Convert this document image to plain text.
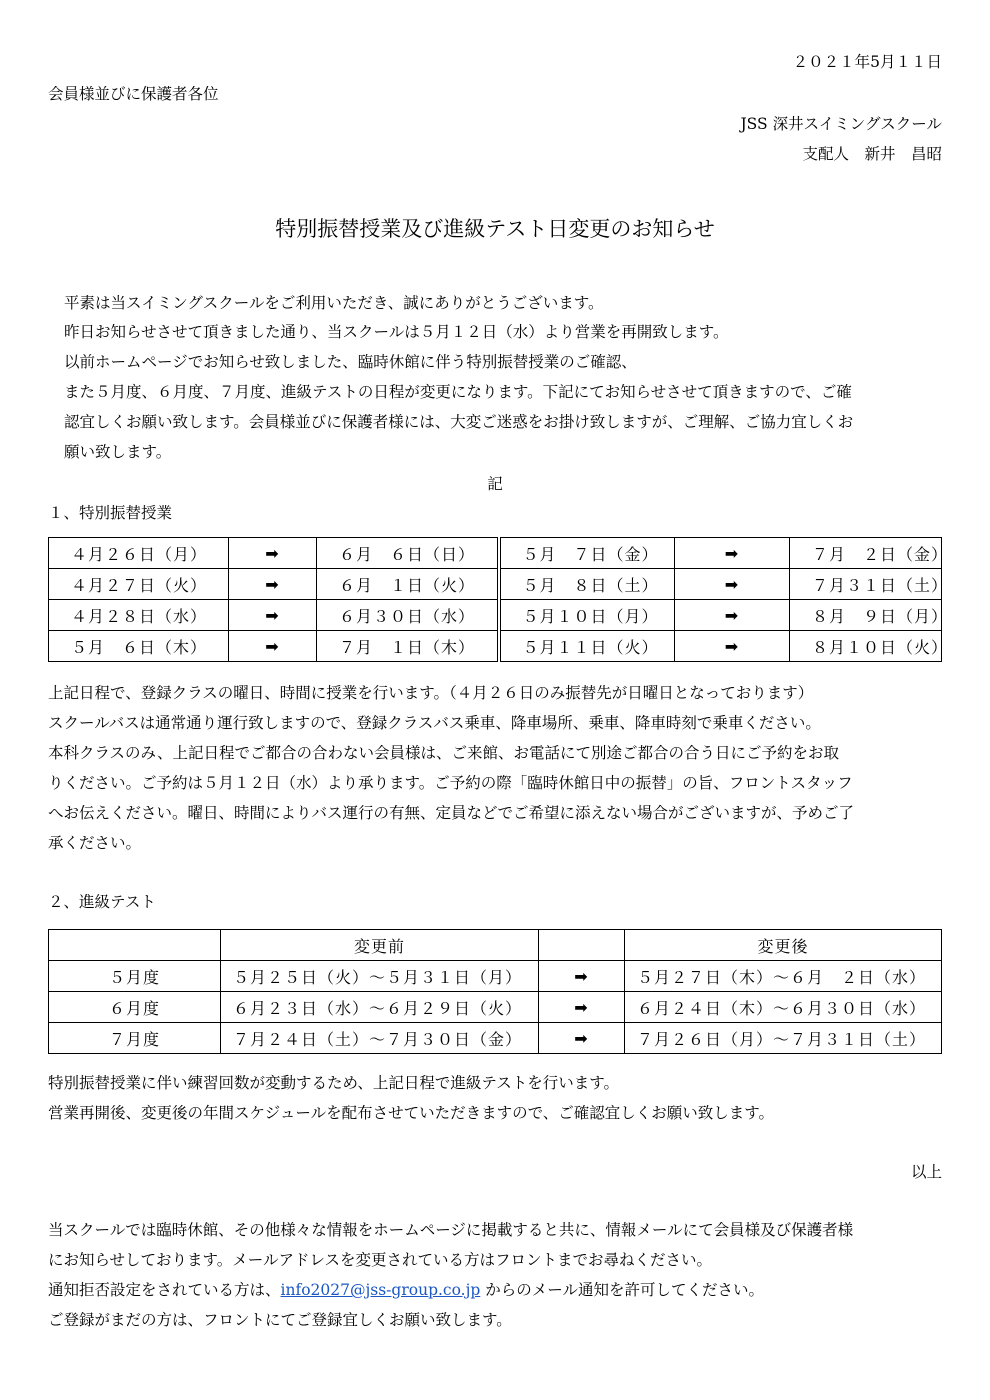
２０２１年5月１１日
会員様並びに保護者各位
JSS 深井スイミングスクール
支配人　新井　昌昭
特別振替授業及び進級テスト日変更のお知らせ
平素は当スイミングスクールをご利用いただき、誠にありがとうございます。
昨日お知らせさせて頂きました通り、当スクールは５月１２日（水）より営業を再開致します。
以前ホームページでお知らせ致しました、臨時休館に伴う特別振替授業のご確認、
また５月度、６月度、７月度、進級テストの日程が変更になります。下記にてお知らせさせて頂きますので、ご確
認宜しくお願い致します。会員様並びに保護者様には、大変ご迷惑をお掛け致しますが、ご理解、ご協力宜しくお
願い致します。
記
１、特別振替授業
４月２６日（月）	➡	６月　６日（日）	５月　７日（金）	➡	７月　２日（金）
４月２７日（火）	➡	６月　１日（火）	５月　８日（土）	➡	７月３１日（土）
４月２８日（水）	➡	６月３０日（水）	５月１０日（月）	➡	８月　９日（月）
５月　６日（木）	➡	７月　１日（木）	５月１１日（火）	➡	８月１０日（火）
上記日程で、登録クラスの曜日、時間に授業を行います。（４月２６日のみ振替先が日曜日となっております）
スクールバスは通常通り運行致しますので、登録クラスバス乗車、降車場所、乗車、降車時刻で乗車ください。
本科クラスのみ、上記日程でご都合の合わない会員様は、ご来館、お電話にて別途ご都合の合う日にご予約をお取
りください。ご予約は５月１２日（水）より承ります。ご予約の際「臨時休館日中の振替」の旨、フロントスタッフ
へお伝えください。曜日、時間によりバス運行の有無、定員などでご希望に添えない場合がございますが、予めご了
承ください。
２、進級テスト
	変更前		変更後
５月度	５月２５日（火）～５月３１日（月）	➡	５月２７日（木）～６月　２日（水）
６月度	６月２３日（水）～６月２９日（火）	➡	６月２４日（木）～６月３０日（水）
７月度	７月２４日（土）～７月３０日（金）	➡	７月２６日（月）～７月３１日（土）
特別振替授業に伴い練習回数が変動するため、上記日程で進級テストを行います。
営業再開後、変更後の年間スケジュールを配布させていただきますので、ご確認宜しくお願い致します。
以上
当スクールでは臨時休館、その他様々な情報をホームページに掲載すると共に、情報メールにて会員様及び保護者様
にお知らせしております。メールアドレスを変更されている方はフロントまでお尋ねください。
通知拒否設定をされている方は、info2027@jss-group.co.jp からのメール通知を許可してください。
ご登録がまだの方は、フロントにてご登録宜しくお願い致します。
